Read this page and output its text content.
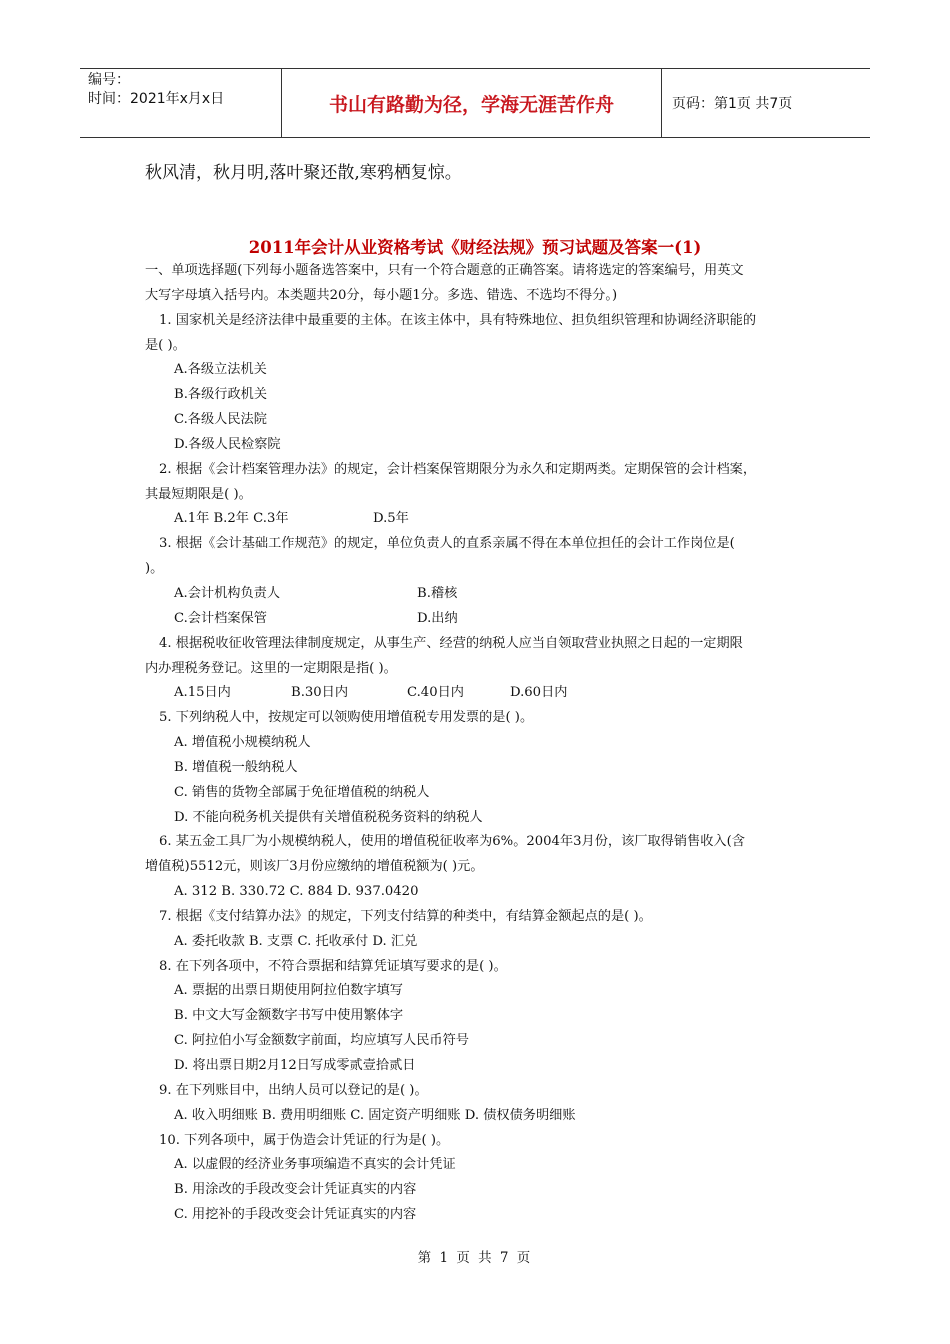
编号：
时间：2021年x月x日	书山有路勤为径，学海无涯苦作舟	页码：第1页 共7页
秋风清，秋月明,落叶聚还散,寒鸦栖复惊。
2011年会计从业资格考试《财经法规》预习试题及答案一(1)
一、单项选择题(下列每小题备选答案中，只有一个符合题意的正确答案。请将选定的答案编号，用英文
大写字母填入括号内。本类题共20分，每小题1分。多选、错选、不选均不得分。)
1. 国家机关是经济法律中最重要的主体。在该主体中，具有特殊地位、担负组织管理和协调经济职能的
是( )。
A.各级立法机关
B.各级行政机关
C.各级人民法院
D.各级人民检察院
2. 根据《会计档案管理办法》的规定，会计档案保管期限分为永久和定期两类。定期保管的会计档案，
其最短期限是( )。
A.1年 B.2年 C.3年	D.5年
3. 根据《会计基础工作规范》的规定，单位负责人的直系亲属不得在本单位担任的会计工作岗位是(
)。
A.会计机构负责人	B.稽核
C.会计档案保管	D.出纳
4. 根据税收征收管理法律制度规定，从事生产、经营的纳税人应当自领取营业执照之日起的一定期限
内办理税务登记。这里的一定期限是指( )。
A.15日内	B.30日内	C.40日内	D.60日内
5. 下列纳税人中，按规定可以领购使用增值税专用发票的是( )。
A. 增值税小规模纳税人
B. 增值税一般纳税人
C. 销售的货物全部属于免征增值税的纳税人
D. 不能向税务机关提供有关增值税税务资料的纳税人
6. 某五金工具厂为小规模纳税人，使用的增值税征收率为6%。2004年3月份，该厂取得销售收入(含
增值税)5512元，则该厂3月份应缴纳的增值税额为( )元。
A. 312 B. 330.72 C. 884 D. 937.0420
7. 根据《支付结算办法》的规定，下列支付结算的种类中，有结算金额起点的是( )。
A. 委托收款 B. 支票 C. 托收承付 D. 汇兑
8. 在下列各项中，不符合票据和结算凭证填写要求的是( )。
A. 票据的出票日期使用阿拉伯数字填写
B. 中文大写金额数字书写中使用繁体字
C. 阿拉伯小写金额数字前面，均应填写人民币符号
D. 将出票日期2月12日写成零贰壹拾贰日
9. 在下列账目中，出纳人员可以登记的是( )。
A. 收入明细账 B. 费用明细账 C. 固定资产明细账 D. 债权债务明细账
10. 下列各项中，属于伪造会计凭证的行为是( )。
A. 以虚假的经济业务事项编造不真实的会计凭证
B. 用涂改的手段改变会计凭证真实的内容
C. 用挖补的手段改变会计凭证真实的内容
第 1 页 共 7 页
